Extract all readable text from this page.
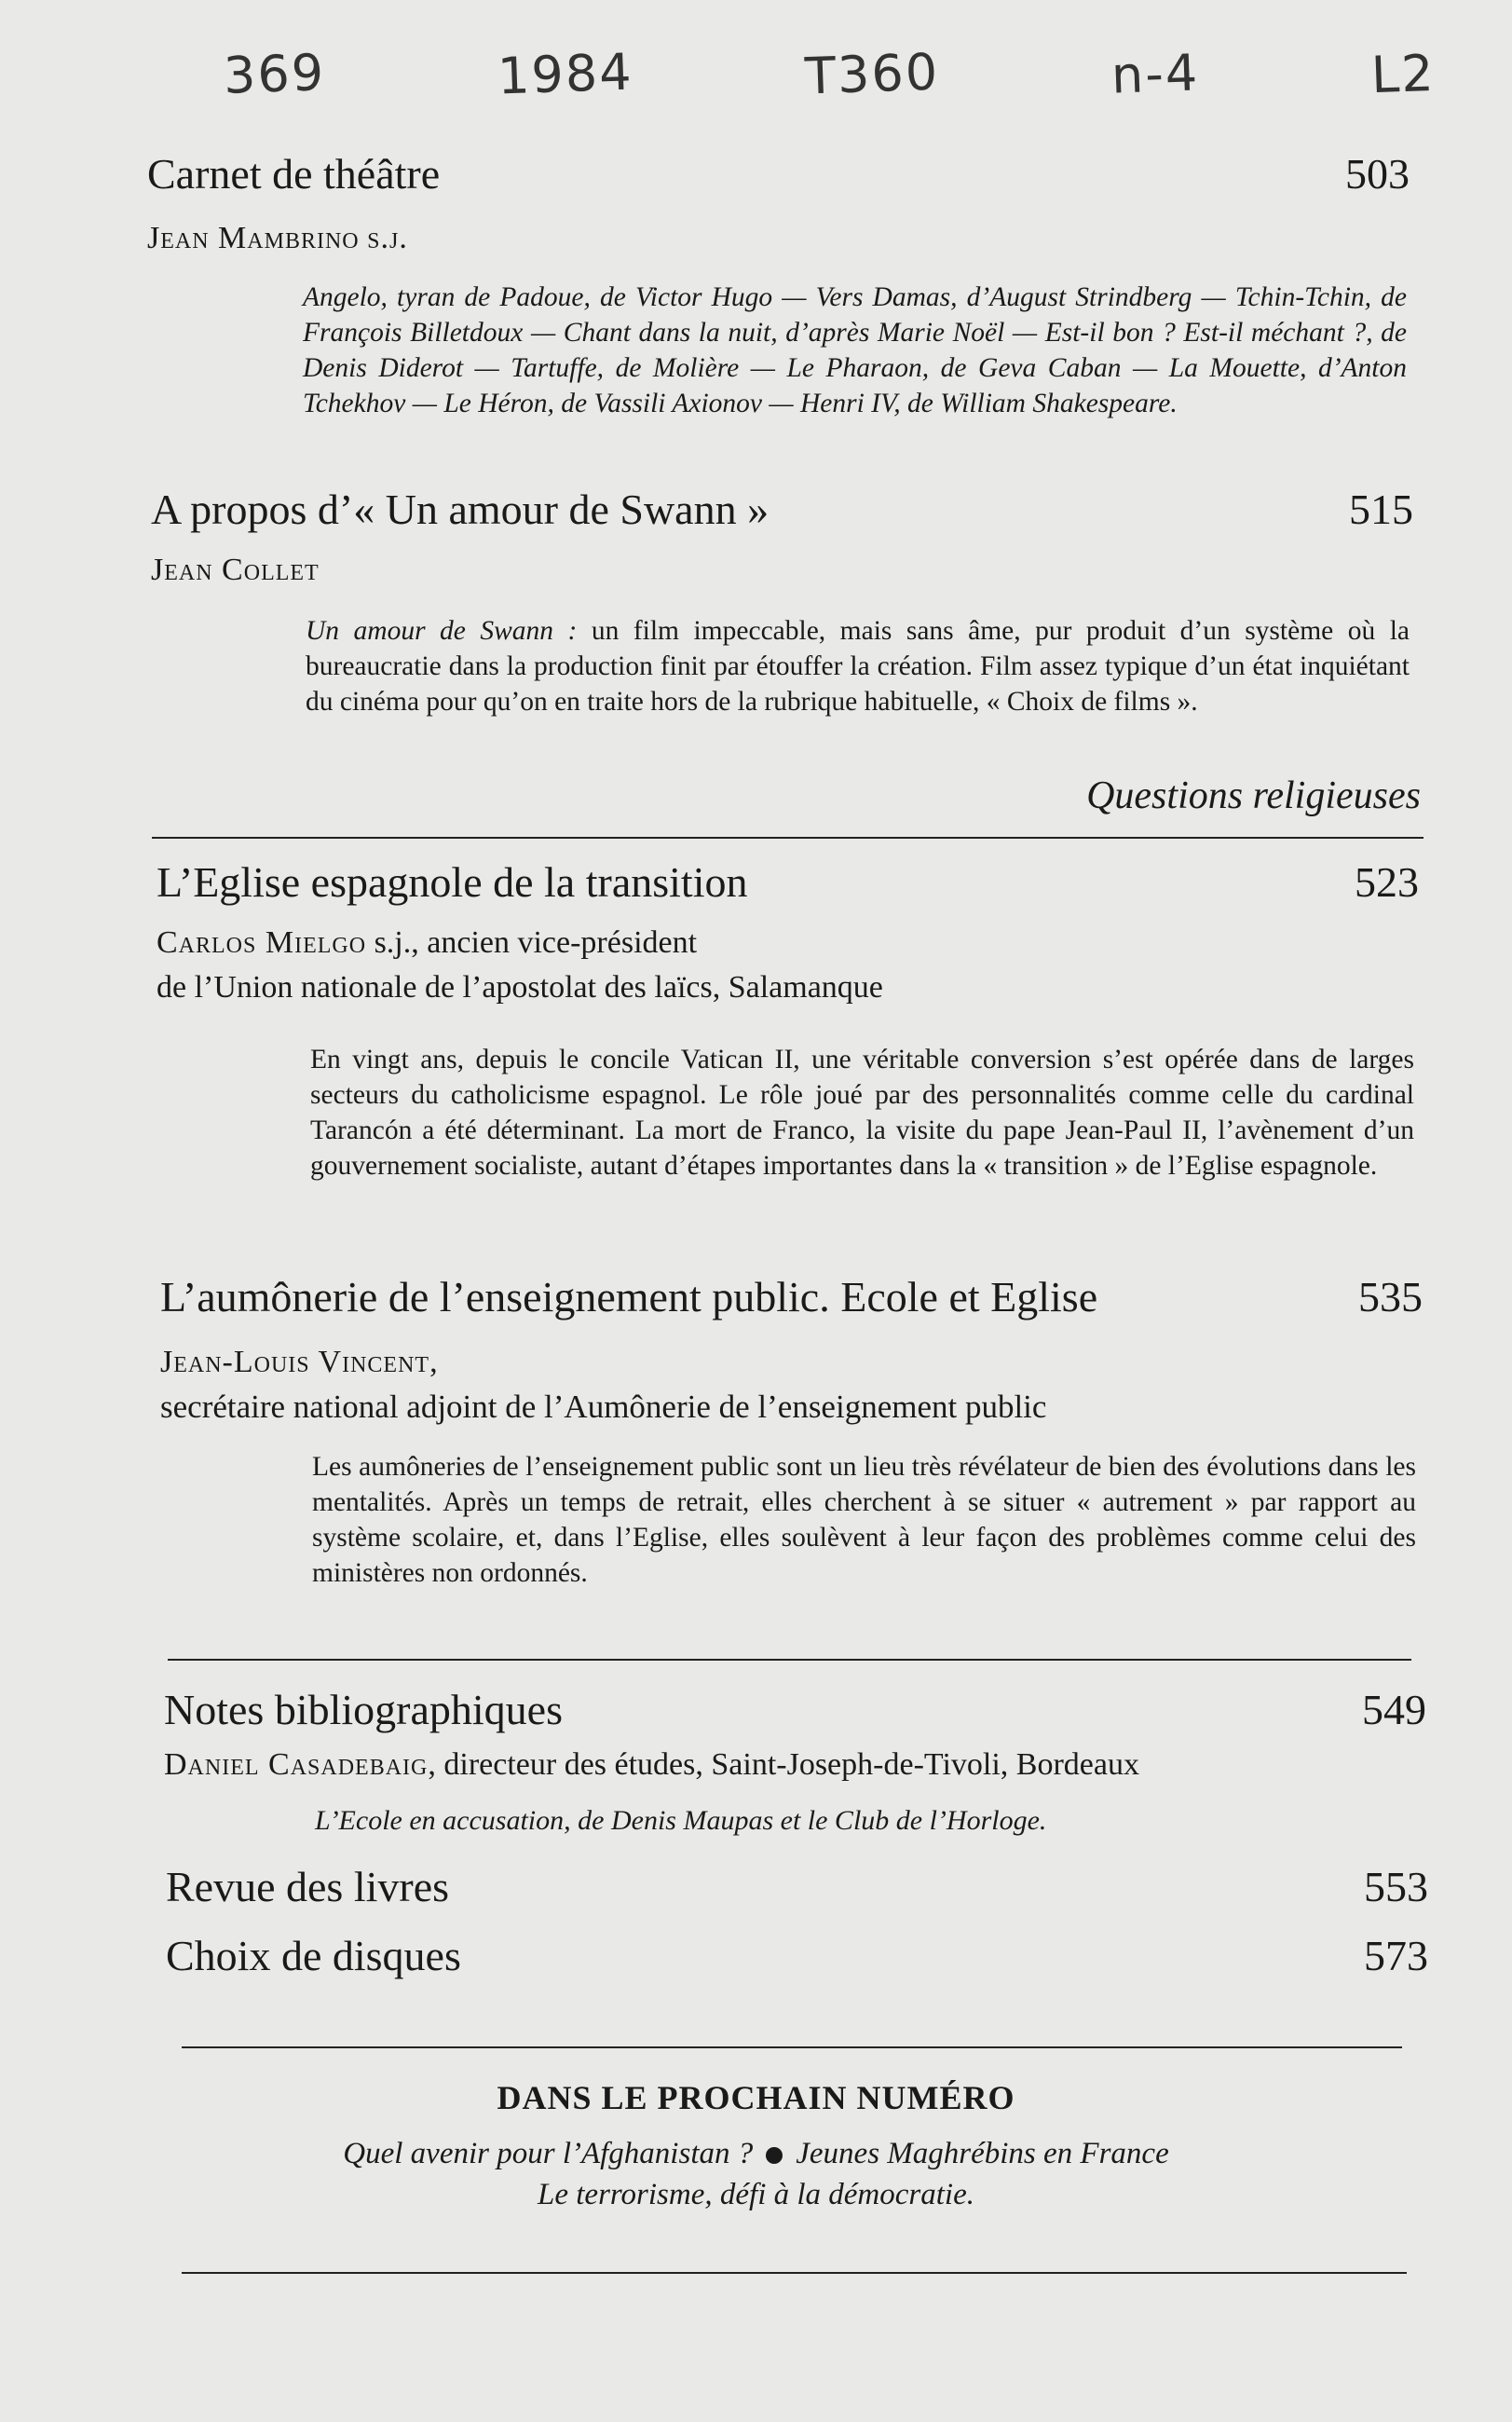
369	1984	T360	n-4	L2
Carnet de théâtre	503
Jean Mambrino s.j.
Angelo, tyran de Padoue, de Victor Hugo — Vers Damas, d’August Strindberg — Tchin-Tchin, de François Billetdoux — Chant dans la nuit, d’après Marie Noël — Est-il bon ? Est-il méchant ?, de Denis Diderot — Tartuffe, de Molière — Le Pharaon, de Geva Caban — La Mouette, d’Anton Tchekhov — Le Héron, de Vassili Axionov — Henri IV, de William Shakespeare.
A propos d’« Un amour de Swann »	515
Jean Collet
Un amour de Swann : un film impeccable, mais sans âme, pur produit d’un système où la bureaucratie dans la production finit par étouffer la création. Film assez typique d’un état inquiétant du cinéma pour qu’on en traite hors de la rubrique habituelle, « Choix de films ».
Questions religieuses
L’Eglise espagnole de la transition	523
Carlos Mielgo s.j., ancien vice-président
de l’Union nationale de l’apostolat des laïcs, Salamanque
En vingt ans, depuis le concile Vatican II, une véritable conversion s’est opérée dans de larges secteurs du catholicisme espagnol. Le rôle joué par des personnalités comme celle du cardinal Tarancón a été déterminant. La mort de Franco, la visite du pape Jean-Paul II, l’avènement d’un gouvernement socialiste, autant d’étapes importantes dans la « transition » de l’Eglise espagnole.
L’aumônerie de l’enseignement public. Ecole et Eglise	535
Jean-Louis Vincent,
secrétaire national adjoint de l’Aumônerie de l’enseignement public
Les aumôneries de l’enseignement public sont un lieu très révélateur de bien des évolutions dans les mentalités. Après un temps de retrait, elles cherchent à se situer « autrement » par rapport au système scolaire, et, dans l’Eglise, elles soulèvent à leur façon des problèmes comme celui des ministères non ordonnés.
Notes bibliographiques	549
Daniel Casadebaig, directeur des études, Saint-Joseph-de-Tivoli, Bordeaux
L’Ecole en accusation, de Denis Maupas et le Club de l’Horloge.
Revue des livres	553
Choix de disques	573
DANS LE PROCHAIN NUMÉRO
Quel avenir pour l’Afghanistan ? Jeunes Maghrébins en France
Le terrorisme, défi à la démocratie.
